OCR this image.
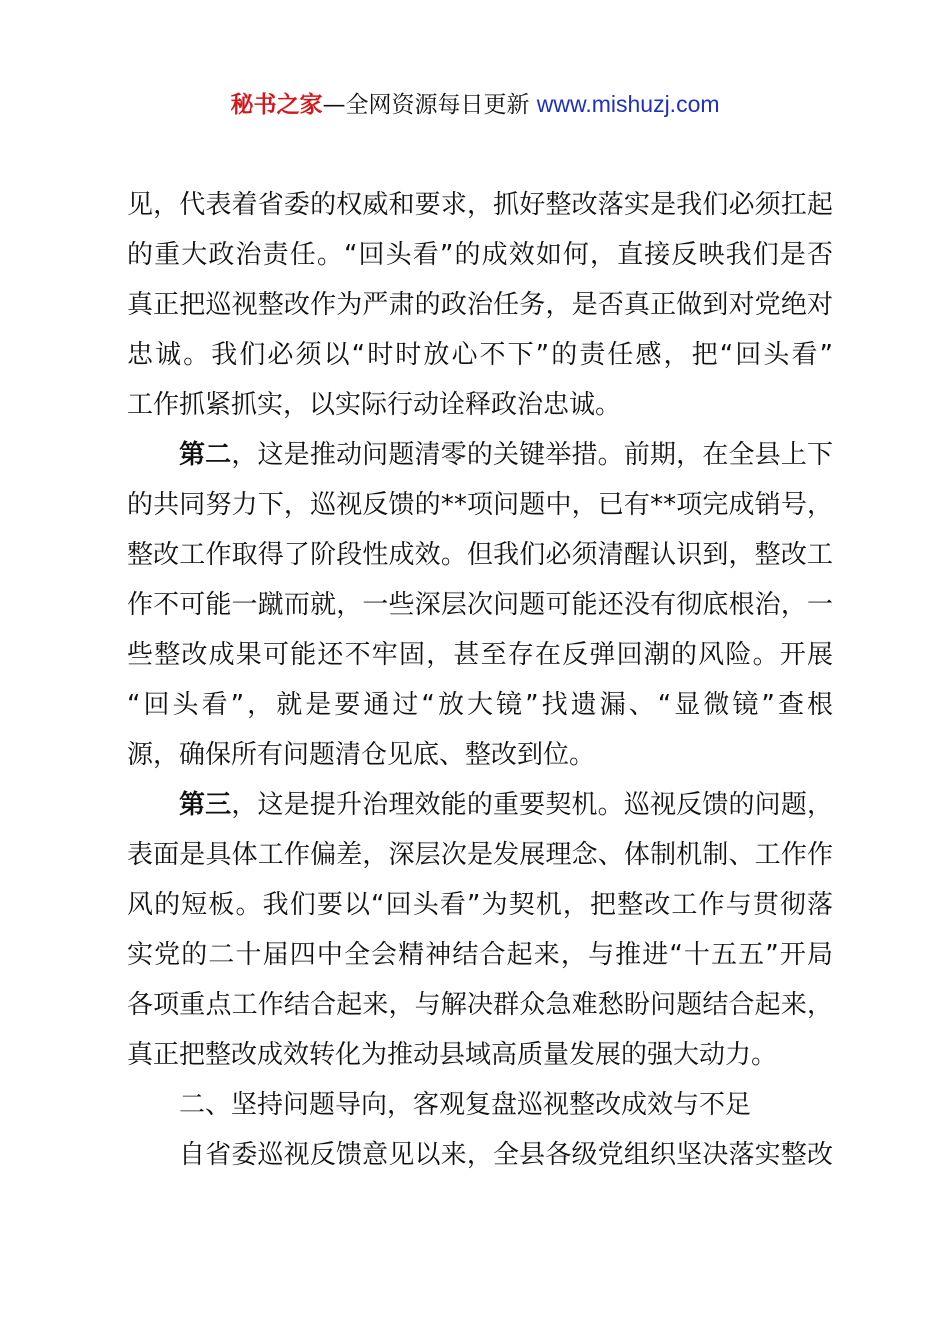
秘书之家—全网资源每日更新 www.mishuzj.com
见，代表着省委的权威和要求，抓好整改落实是我们必须扛起
的重大政治责任。“回头看”的成效如何，直接反映我们是否
真正把巡视整改作为严肃的政治任务，是否真正做到对党绝对
忠诚。我们必须以“时时放心不下”的责任感，把“回头看”
工作抓紧抓实，以实际行动诠释政治忠诚。
第二，这是推动问题清零的关键举措。前期，在全县上下
的共同努力下，巡视反馈的**项问题中，已有**项完成销号，
整改工作取得了阶段性成效。但我们必须清醒认识到，整改工
作不可能一蹴而就，一些深层次问题可能还没有彻底根治，一
些整改成果可能还不牢固，甚至存在反弹回潮的风险。开展
“回头看”，就是要通过“放大镜”找遗漏、“显微镜”查根
源，确保所有问题清仓见底、整改到位。
第三，这是提升治理效能的重要契机。巡视反馈的问题，
表面是具体工作偏差，深层次是发展理念、体制机制、工作作
风的短板。我们要以“回头看”为契机，把整改工作与贯彻落
实党的二十届四中全会精神结合起来，与推进“十五五”开局
各项重点工作结合起来，与解决群众急难愁盼问题结合起来，
真正把整改成效转化为推动县域高质量发展的强大动力。
二、坚持问题导向，客观复盘巡视整改成效与不足
自省委巡视反馈意见以来，全县各级党组织坚决落实整改
